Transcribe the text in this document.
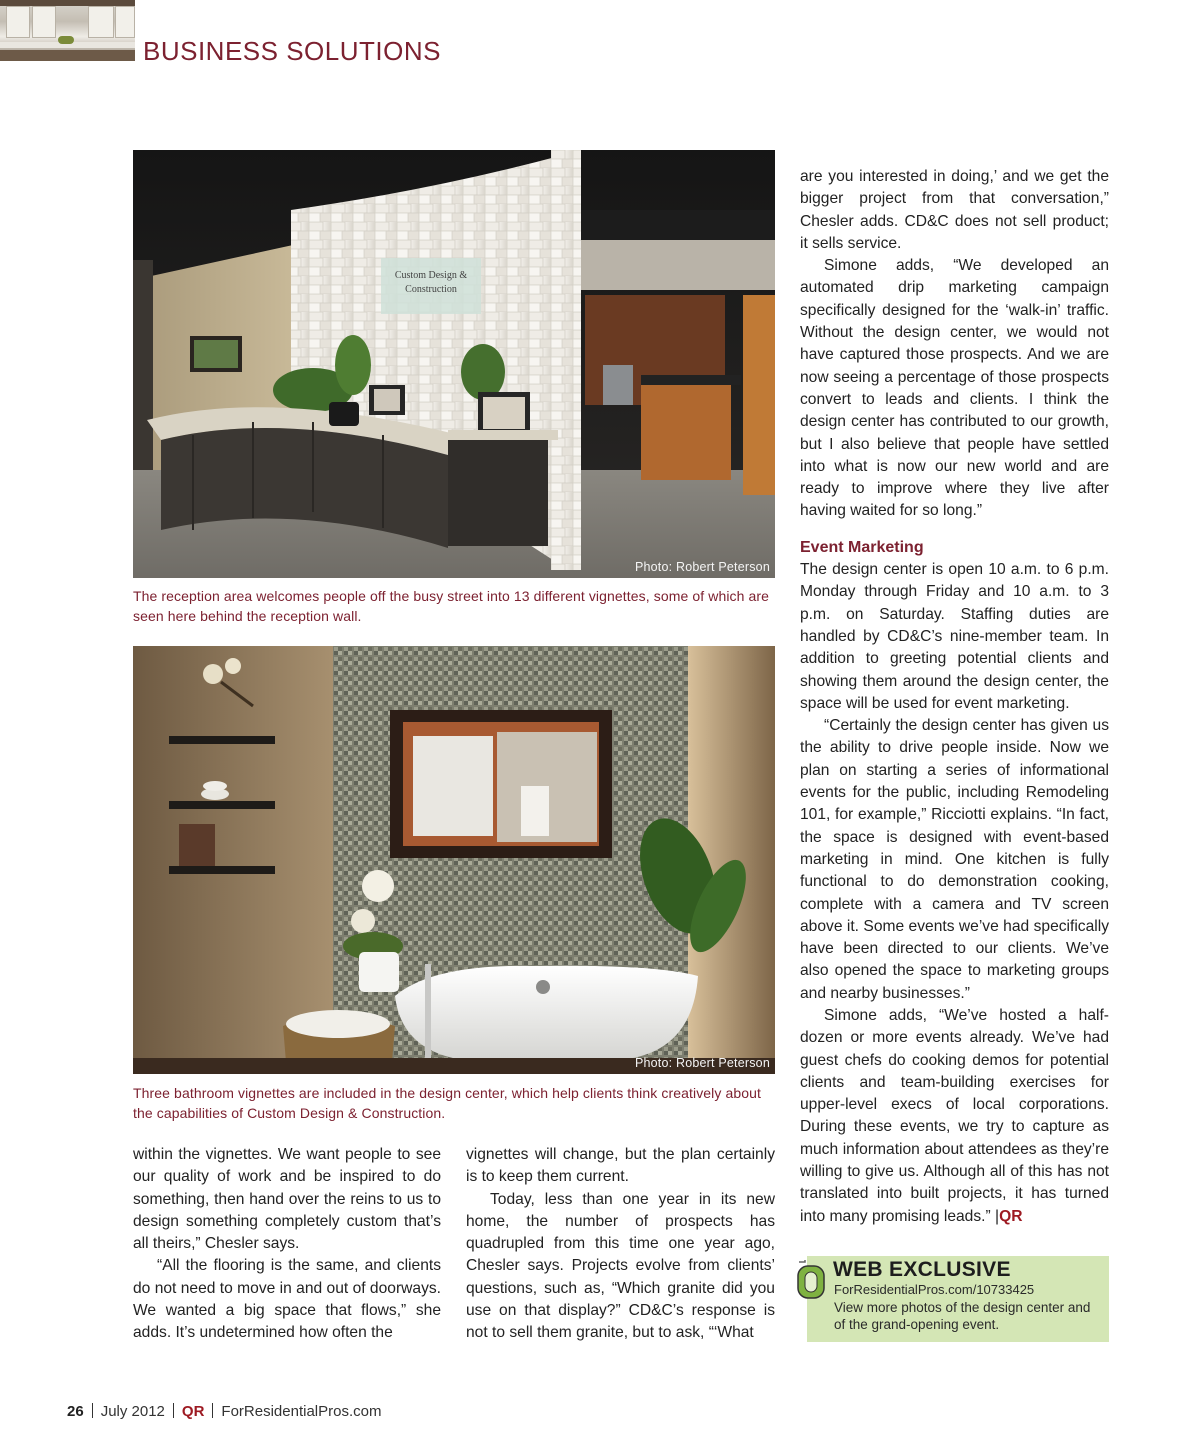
BUSINESS SOLUTIONS
Custom Design &
Construction
Photo: Robert Peterson
The reception area welcomes people off the busy street into 13 different vignettes, some of which are seen here behind the reception wall.
Photo: Robert Peterson
Three bathroom vignettes are included in the design center, which help clients think creatively about the capabilities of Custom Design & Construction.

within the vignettes. We want people to see our quality of work and be inspired to do something, then hand over the reins to us to design something completely custom that’s all theirs,” Chesler says.

“All the flooring is the same, and clients do not need to move in and out of doorways. We wanted a big space that flows,” she adds. It’s undetermined how often the

vignettes will change, but the plan certainly is to keep them current.

Today, less than one year in its new home, the number of prospects has quadrupled from this time one year ago, Chesler says. Projects evolve from clients’ questions, such as, “Which granite did you use on that display?” CD&C’s response is not to sell them granite, but to ask, “‘What

are you interested in doing,’ and we get the bigger project from that conversation,” Chesler adds. CD&C does not sell product; it sells service.

Simone adds, “We developed an automated drip marketing campaign specifically designed for the ‘walk-in’ traffic. Without the design center, we would not have captured those prospects. And we are now seeing a percentage of those prospects convert to leads and clients. I think the design center has contributed to our growth, but I also believe that people have settled into what is now our new world and are ready to improve where they live after having waited for so long.”

Event Marketing

The design center is open 10 a.m. to 6 p.m. Monday through Friday and 10 a.m. to 3 p.m. on Saturday. Staffing duties are handled by CD&C’s nine-member team. In addition to greeting potential clients and showing them around the design center, the space will be used for event marketing.

“Certainly the design center has given us the ability to drive people inside. Now we plan on starting a series of informational events for the public, including Remodeling 101, for example,” Ricciotti explains. “In fact, the space is designed with event-based marketing in mind. One kitchen is fully functional to do demonstration cooking, complete with a camera and TV screen above it. Some events we’ve had specifically have been directed to our clients. We’ve also opened the space to marketing groups and nearby businesses.”

Simone adds, “We’ve hosted a half-dozen or more events already. We’ve had guest chefs do cooking demos for potential clients and team-building exercises for upper-level execs of local corporations. During these events, we try to capture as much information about attendees as they’re willing to give us. Although all of this has not translated into built projects, it has turned into many promising leads.” |QR

WEB EXCLUSIVE
ForResidentialPros.com/10733425
View more photos of the design center and of the grand-opening event.
26 July 2012 QR ForResidentialPros.com
